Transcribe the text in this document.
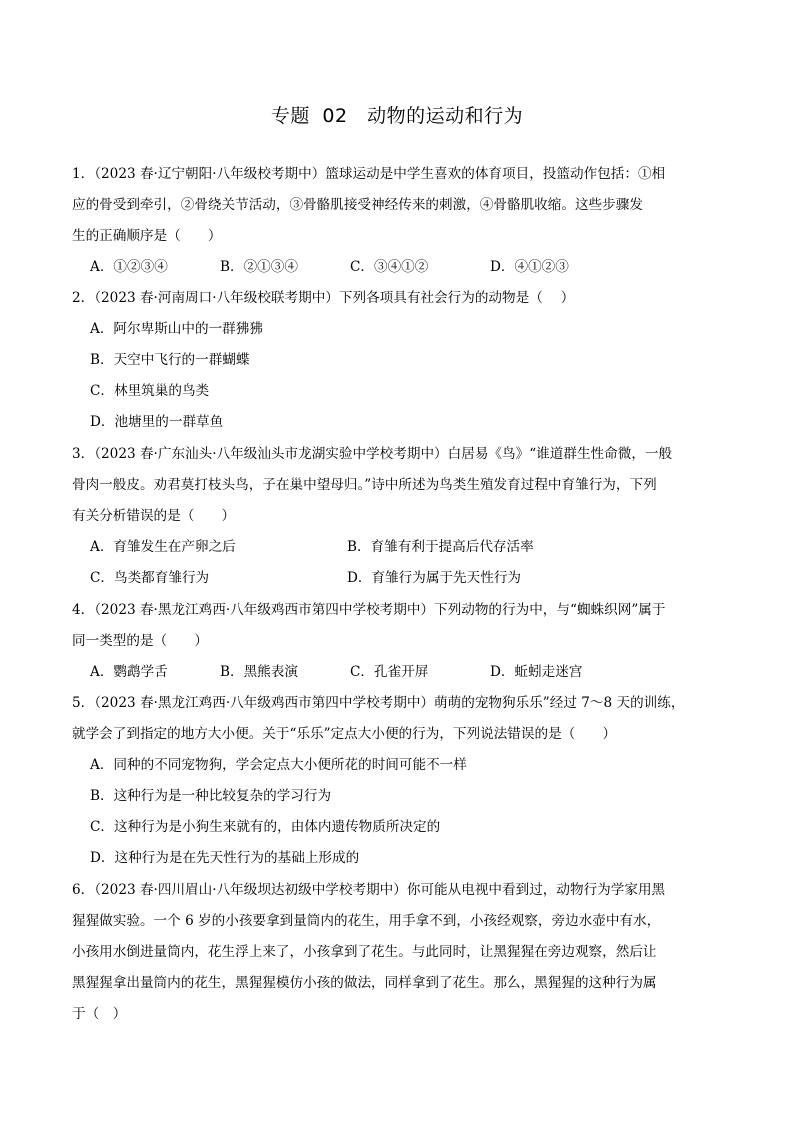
专题 02　动物的运动和行为
1．（2023 春·辽宁朝阳·八年级校考期中）篮球运动是中学生喜欢的体育项目，投篮动作包括：①相
应的骨受到牵引，②骨绕关节活动，③骨骼肌接受神经传来的刺激，④骨骼肌收缩。这些步骤发
生的正确顺序是（　　）
A．①②③④	B．②①③④	C．③④①②	D．④①②③
2．（2023 春·河南周口·八年级校联考期中）下列各项具有社会行为的动物是（　 ）
A．阿尔卑斯山中的一群狒狒
B．天空中飞行的一群蝴蝶
C．林里筑巢的鸟类
D．池塘里的一群草鱼
3．（2023 春·广东汕头·八年级汕头市龙湖实验中学校考期中）白居易《鸟》“谁道群生性命微，一般
骨肉一般皮。劝君莫打枝头鸟，子在巢中望母归。”诗中所述为鸟类生殖发育过程中育雏行为，下列
有关分析错误的是（　　）
A．育雏发生在产卵之后	B．育雏有利于提高后代存活率
C．鸟类都育雏行为	D．育雏行为属于先天性行为
4．（2023 春·黑龙江鸡西·八年级鸡西市第四中学校考期中）下列动物的行为中，与“蜘蛛织网”属于
同一类型的是（　　）
A．鹦鹉学舌	B．黑熊表演	C．孔雀开屏	D．蚯蚓走迷宫
5．（2023 春·黑龙江鸡西·八年级鸡西市第四中学校考期中）萌萌的宠物狗乐乐”经过 7～8 天的训练，
就学会了到指定的地方大小便。关于“乐乐”定点大小便的行为，下列说法错误的是（　　）
A．同种的不同宠物狗，学会定点大小便所花的时间可能不一样
B．这种行为是一种比较复杂的学习行为
C．这种行为是小狗生来就有的，由体内遗传物质所决定的
D．这种行为是在先天性行为的基础上形成的
6．（2023 春·四川眉山·八年级坝达初级中学校考期中）你可能从电视中看到过，动物行为学家用黑
猩猩做实验。一个 6 岁的小孩要拿到量筒内的花生，用手拿不到，小孩经观察，旁边水壶中有水，
小孩用水倒进量筒内，花生浮上来了，小孩拿到了花生。与此同时，让黑猩猩在旁边观察，然后让
黑猩猩拿出量筒内的花生，黑猩猩模仿小孩的做法，同样拿到了花生。那么，黑猩猩的这种行为属
于（　）
